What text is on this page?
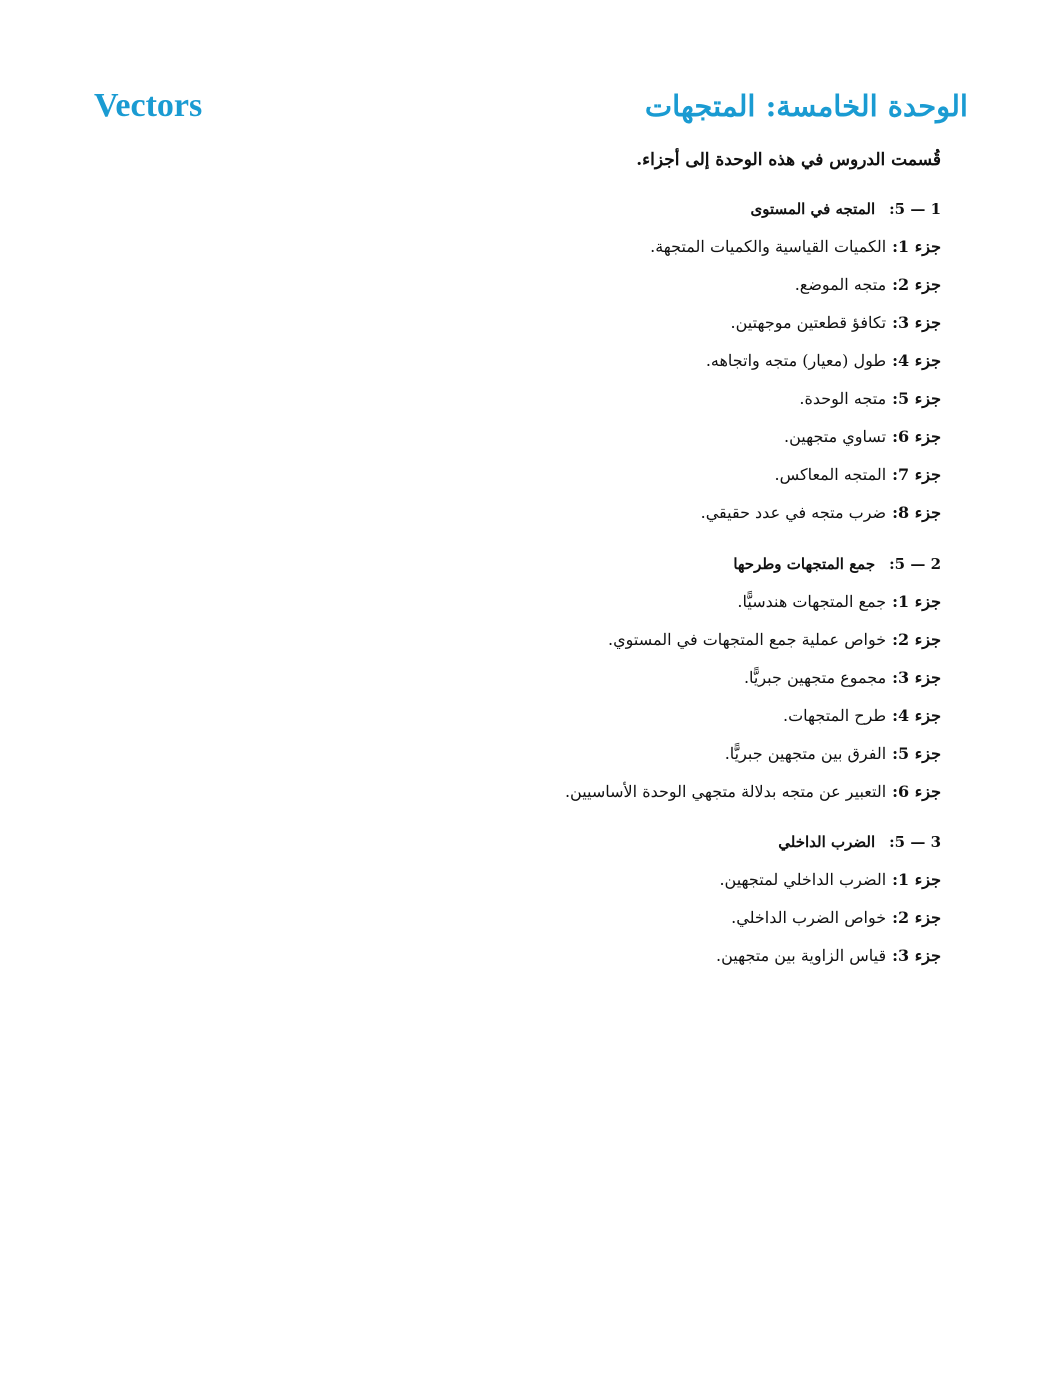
Vectors	الوحدة الخامسة: المتجهات
قُسمت الدروس في هذه الوحدة إلى أجزاء.
1 — 5:
المتجه في المستوى
جزء 1:الكميات القياسية والكميات المتجهة.
جزء 2:متجه الموضع.
جزء 3:تكافؤ قطعتين موجهتين.
جزء 4:طول (معيار) متجه واتجاهه.
جزء 5:متجه الوحدة.
جزء 6:تساوي متجهين.
جزء 7:المتجه المعاكس.
جزء 8:ضرب متجه في عدد حقيقي.
2 — 5:
جمع المتجهات وطرحها
جزء 1:جمع المتجهات هندسيًّا.
جزء 2:خواص عملية جمع المتجهات في المستوي.
جزء 3:مجموع متجهين جبريًّا.
جزء 4:طرح المتجهات.
جزء 5:الفرق بين متجهين جبريًّا.
جزء 6:التعبير عن متجه بدلالة متجهي الوحدة الأساسيين.
3 — 5:
الضرب الداخلي
جزء 1:الضرب الداخلي لمتجهين.
جزء 2:خواص الضرب الداخلي.
جزء 3:قياس الزاوية بين متجهين.
